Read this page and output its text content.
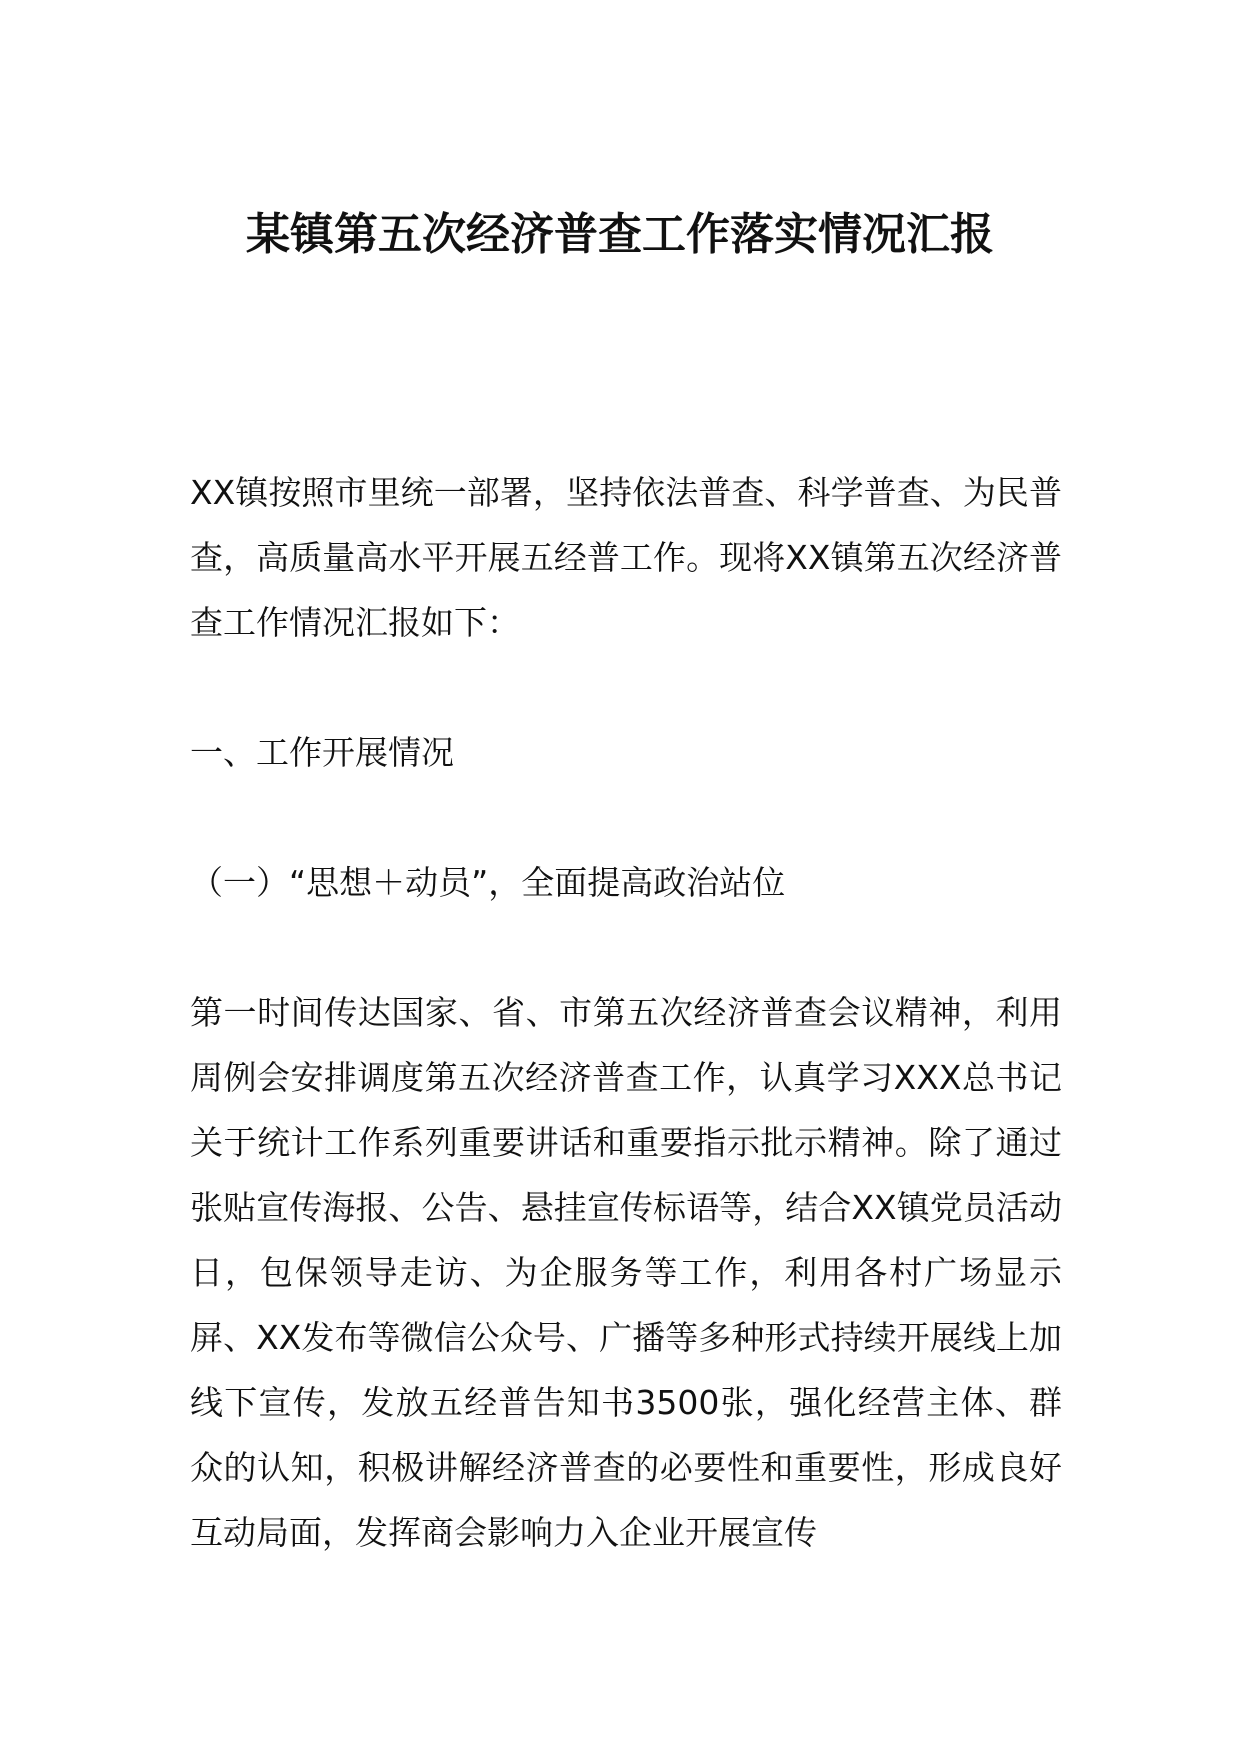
某镇第五次经济普查工作落实情况汇报

XX镇按照市里统一部署，坚持依法普查、科学普查、为民普查，高质量高水平开展五经普工作。现将XX镇第五次经济普查工作情况汇报如下：

一、工作开展情况

（一）“思想＋动员”，全面提高政治站位

第一时间传达国家、省、市第五次经济普查会议精神，利用周例会安排调度第五次经济普查工作，认真学习XXX总书记关于统计工作系列重要讲话和重要指示批示精神。除了通过张贴宣传海报、公告、悬挂宣传标语等，结合XX镇党员活动日，包保领导走访、为企服务等工作，利用各村广场显示屏、XX发布等微信公众号、广播等多种形式持续开展线上加线下宣传，发放五经普告知书3500张，强化经营主体、群众的认知，积极讲解经济普查的必要性和重要性，形成良好互动局面，发挥商会影响力入企业开展宣传
